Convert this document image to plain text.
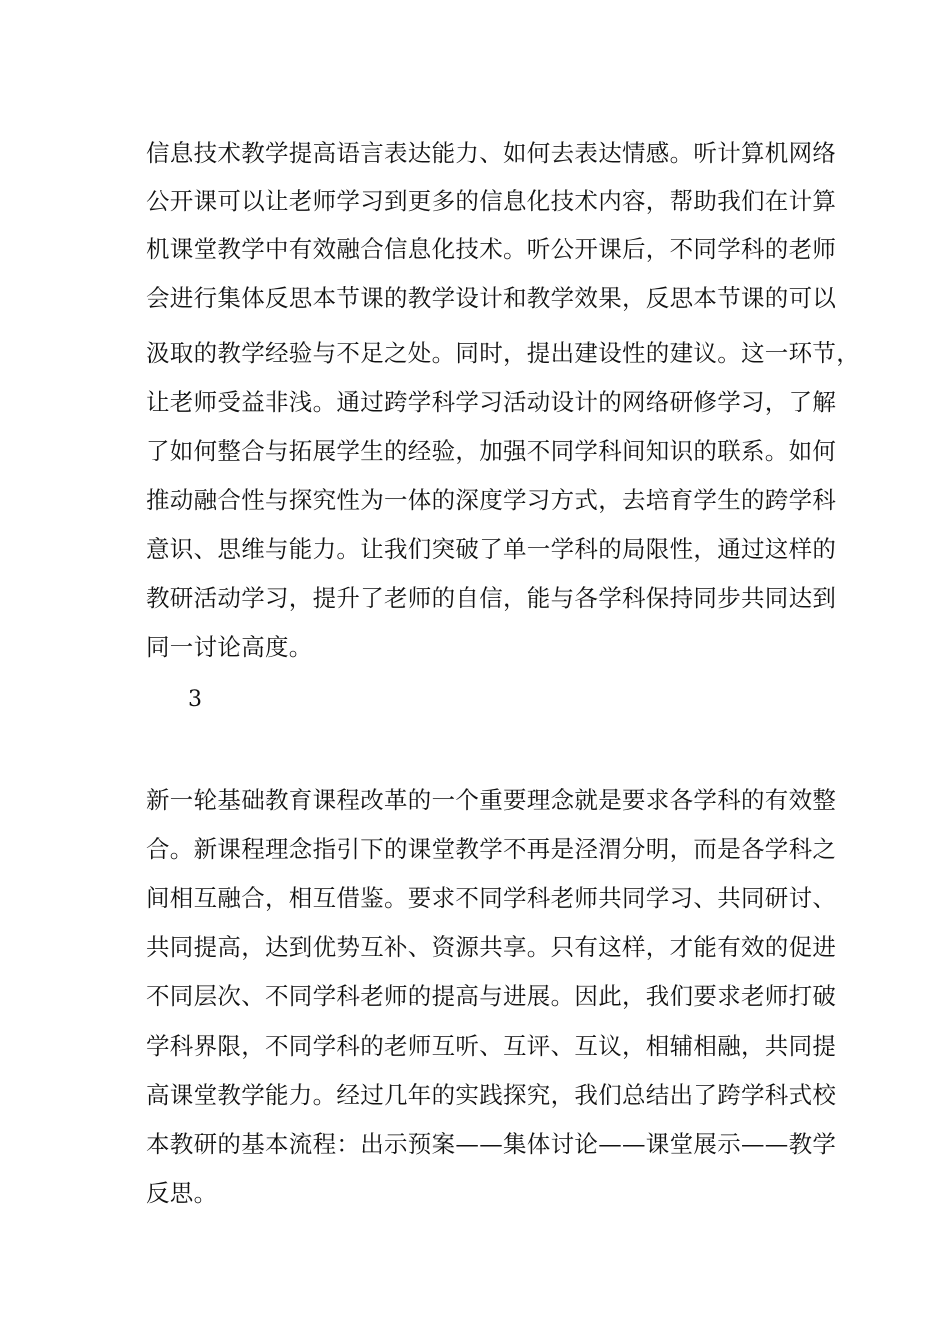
信息技术教学提高语言表达能力、如何去表达情感。听计算机网络
公开课可以让老师学习到更多的信息化技术内容，帮助我们在计算
机课堂教学中有效融合信息化技术。听公开课后，不同学科的老师
会进行集体反思本节课的教学设计和教学效果，反思本节课的可以
汲取的教学经验与不足之处。同时，提出建设性的建议。这一环节，
让老师受益非浅。通过跨学科学习活动设计的网络研修学习，了解
了如何整合与拓展学生的经验，加强不同学科间知识的联系。如何
推动融合性与探究性为一体的深度学习方式，去培育学生的跨学科
意识、思维与能力。让我们突破了单一学科的局限性，通过这样的
教研活动学习，提升了老师的自信，能与各学科保持同步共同达到
同一讨论高度。
3
新一轮基础教育课程改革的一个重要理念就是要求各学科的有效整
合。新课程理念指引下的课堂教学不再是泾渭分明，而是各学科之
间相互融合，相互借鉴。要求不同学科老师共同学习、共同研讨、
共同提高，达到优势互补、资源共享。只有这样，才能有效的促进
不同层次、不同学科老师的提高与进展。因此，我们要求老师打破
学科界限，不同学科的老师互听、互评、互议，相辅相融，共同提
高课堂教学能力。经过几年的实践探究，我们总结出了跨学科式校
本教研的基本流程：出示预案——集体讨论——课堂展示——教学
反思。
